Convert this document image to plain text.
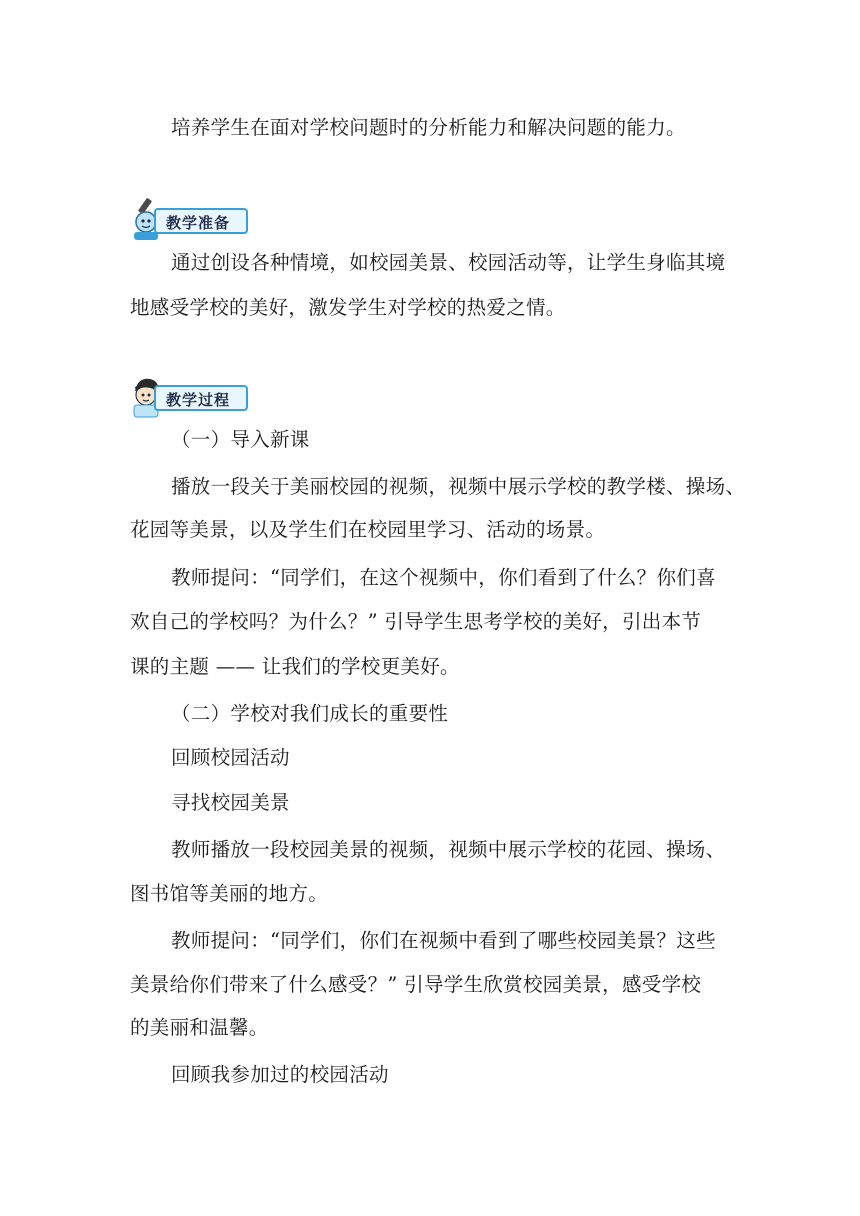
培养学生在面对学校问题时的分析能力和解决问题的能力。
教学准备
通过创设各种情境，如校园美景、校园活动等，让学生身临其境
地感受学校的美好，激发学生对学校的热爱之情。
教学过程
（一）导入新课
播放一段关于美丽校园的视频，视频中展示学校的教学楼、操场、
花园等美景，以及学生们在校园里学习、活动的场景。
教师提问：“同学们，在这个视频中，你们看到了什么？你们喜
欢自己的学校吗？为什么？” 引导学生思考学校的美好，引出本节
课的主题 —— 让我们的学校更美好。
（二）学校对我们成长的重要性
回顾校园活动
寻找校园美景
教师播放一段校园美景的视频，视频中展示学校的花园、操场、
图书馆等美丽的地方。
教师提问：“同学们，你们在视频中看到了哪些校园美景？这些
美景给你们带来了什么感受？” 引导学生欣赏校园美景，感受学校
的美丽和温馨。
回顾我参加过的校园活动
